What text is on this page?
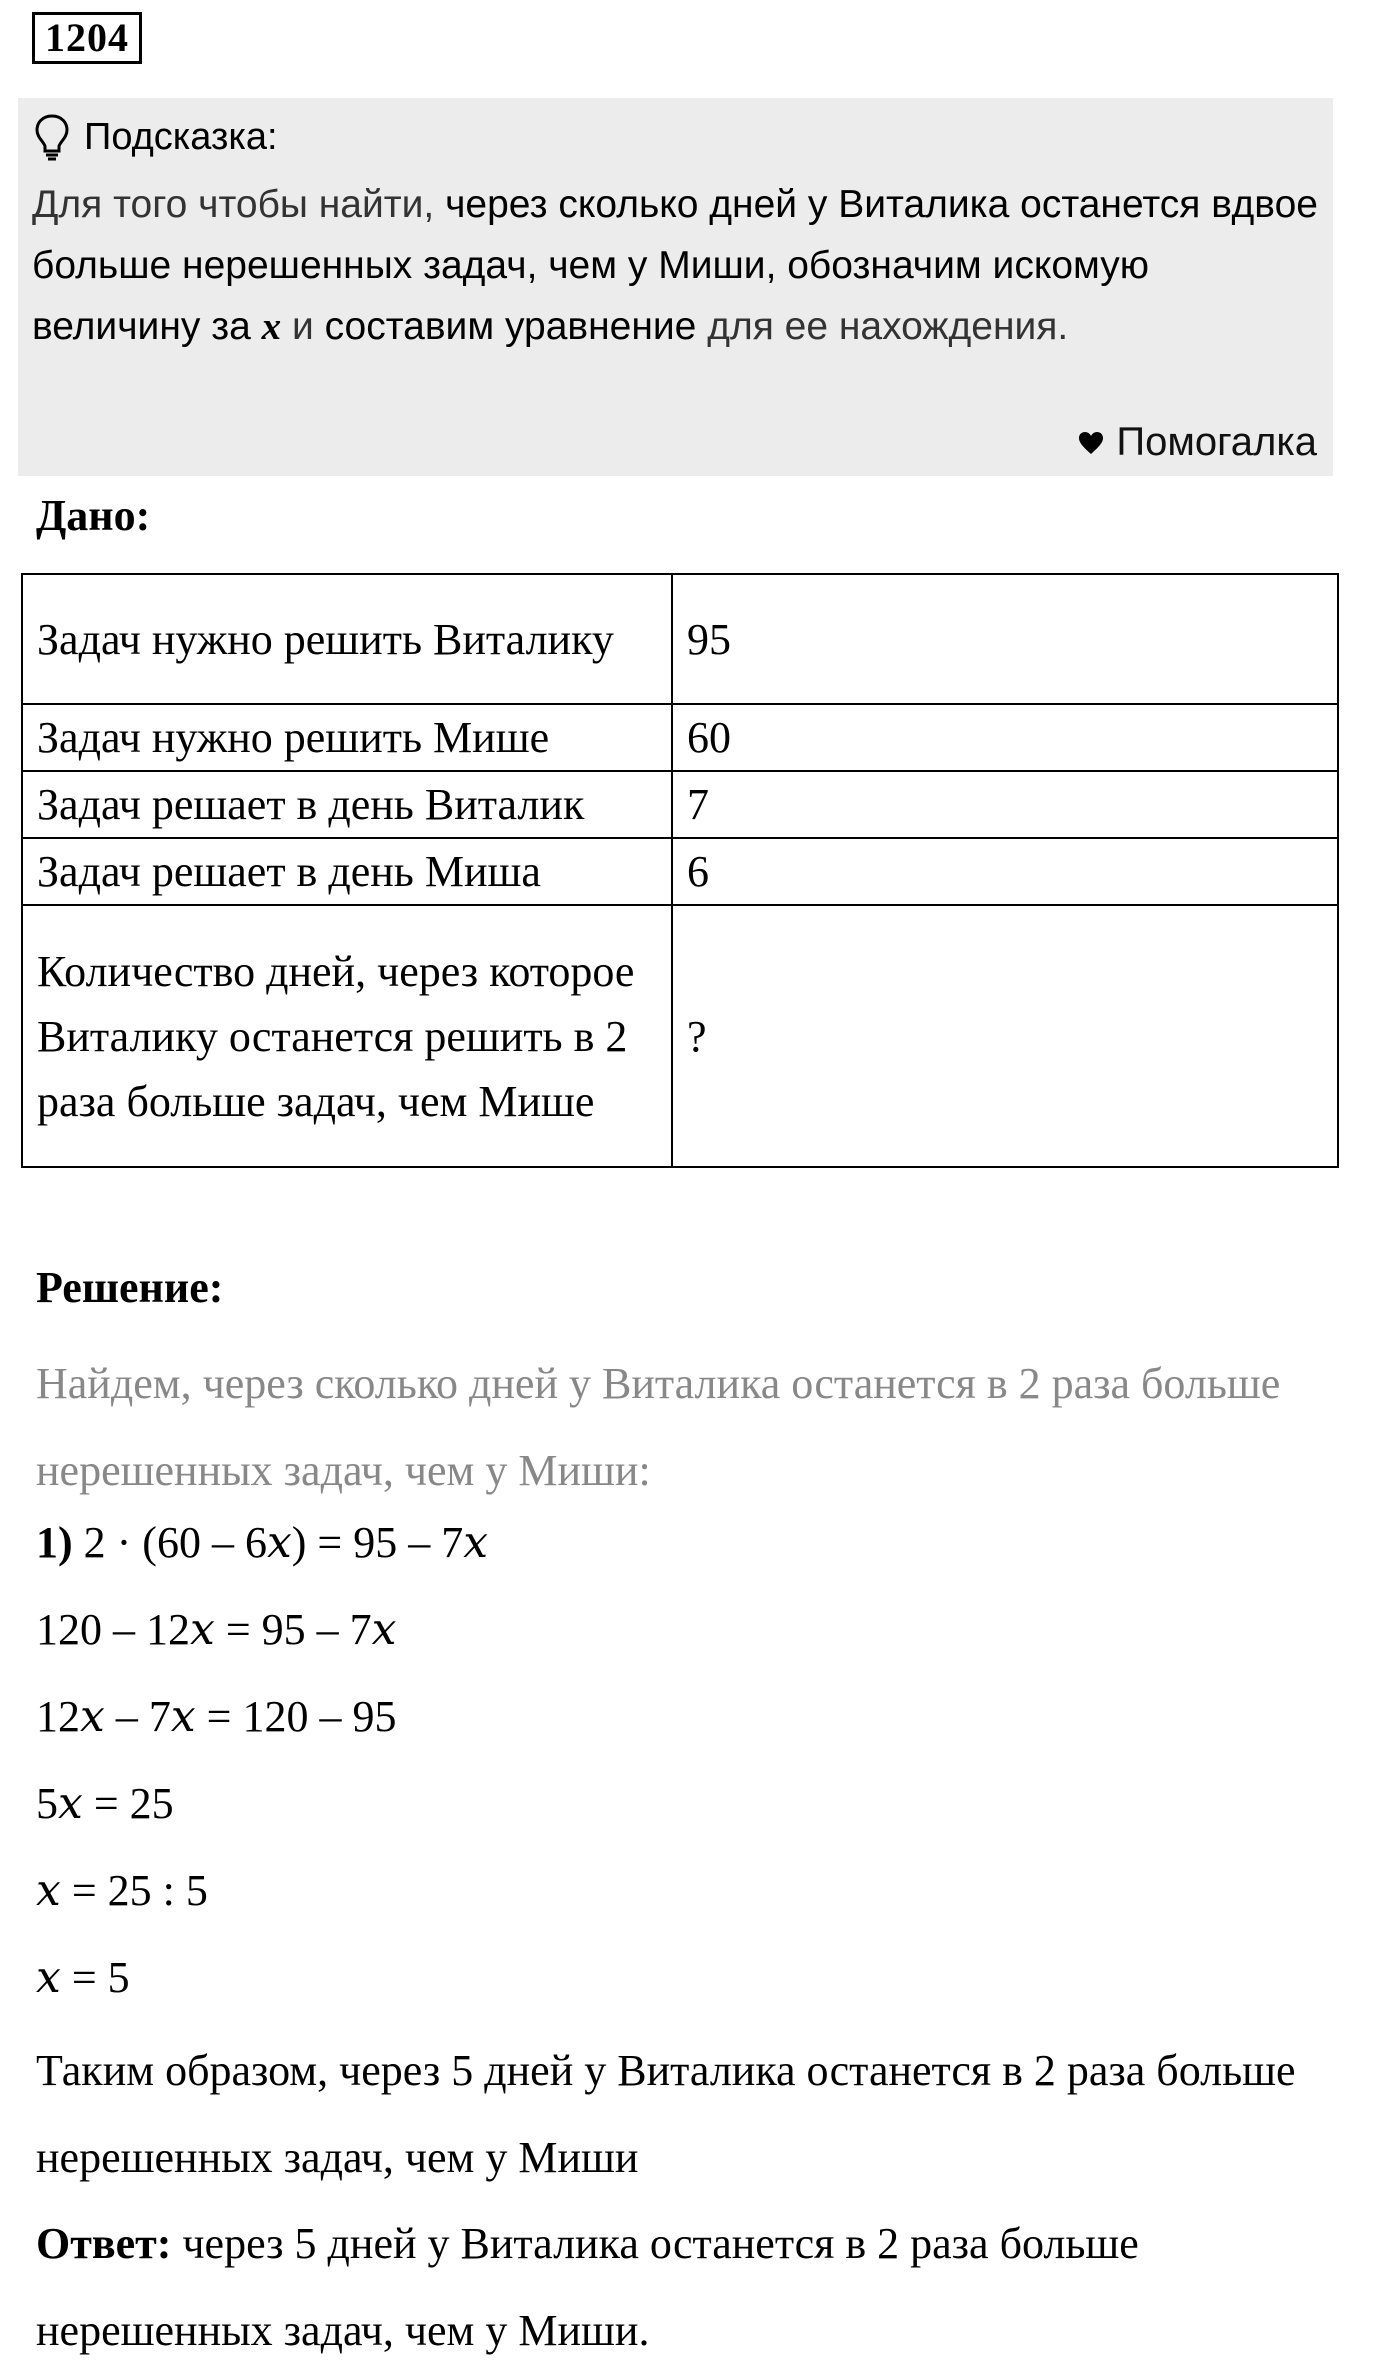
1204
Подсказка:
Для того чтобы найти, через сколько дней у Виталика останется вдвое больше нерешенных задач, чем у Миши, обозначим искомую величину за x и составим уравнение для ее нахождения.
Помогалка
Дано:
Задач нужно решить Виталику	95
Задач нужно решить Мише	60
Задач решает в день Виталик	7
Задач решает в день Миша	6
Количество дней, через которое Виталику останется решить в 2 раза больше задач, чем Мише	?
Решение:
Найдем, через сколько дней у Виталика останется в 2 раза больше нерешенных задач, чем у Миши:
1) 2 · (60 – 6𝑥) = 95 – 7𝑥
120 – 12𝑥 = 95 – 7𝑥
12𝑥 – 7𝑥 = 120 – 95
5𝑥 = 25
𝑥 = 25 : 5
𝑥 = 5
Таким образом, через 5 дней у Виталика останется в 2 раза больше нерешенных задач, чем у Миши
Ответ: через 5 дней у Виталика останется в 2 раза больше нерешенных задач, чем у Миши.
